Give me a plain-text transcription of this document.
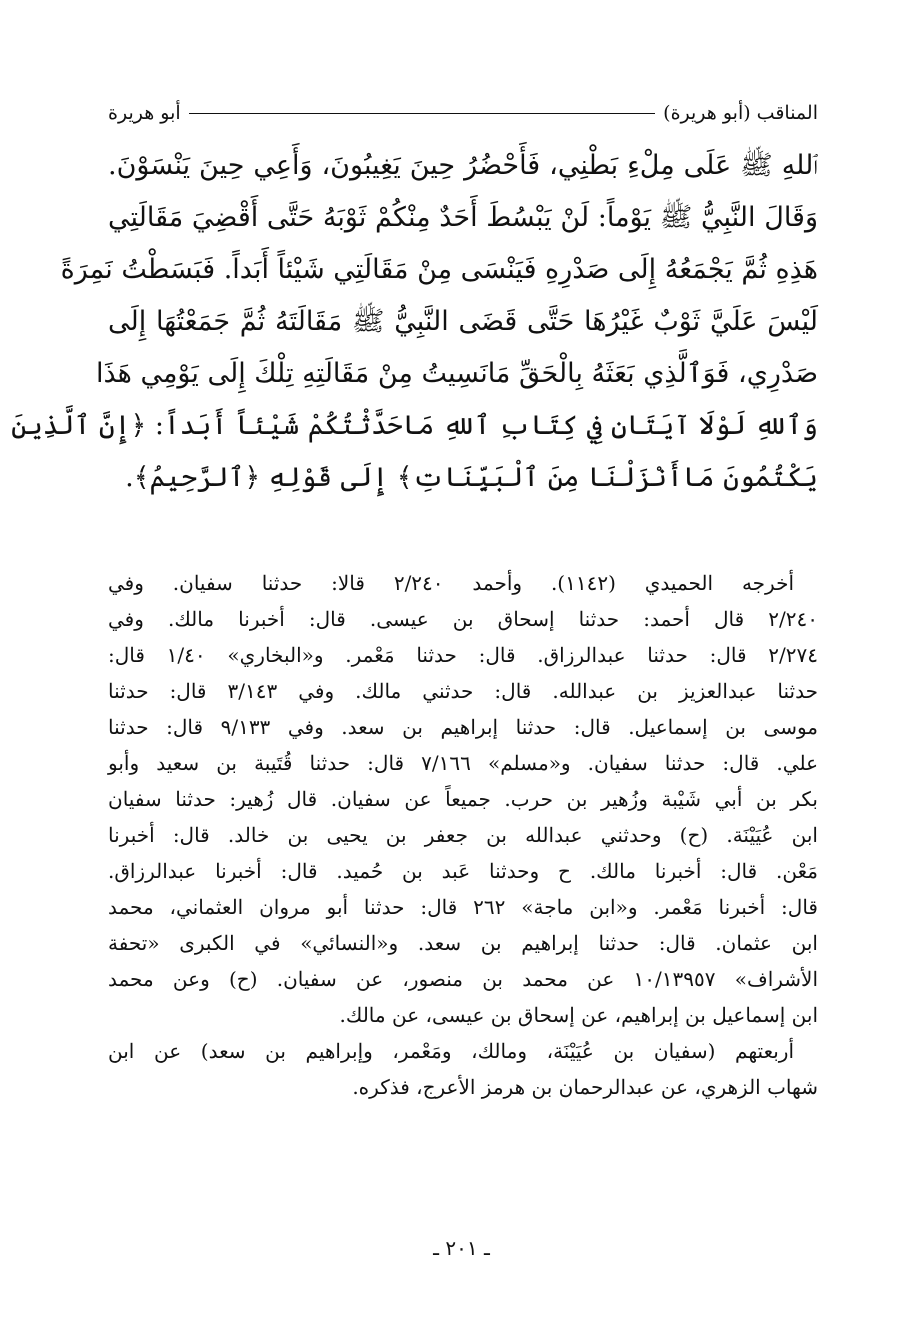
المناقب (أبو هريرة)
أبو هريرة
ٱللهِ ﷺ عَلَى مِلْءِ بَطْنِي، فَأَحْضُرُ حِينَ يَغِيبُونَ، وَأَعِي حِينَ يَنْسَوْنَ.
وَقَالَ النَّبِيُّ ﷺ يَوْماً: لَنْ يَبْسُطَ أَحَدٌ مِنْكُمْ ثَوْبَهُ حَتَّى أَقْضِيَ مَقَالَتِي
هَذِهِ ثُمَّ يَجْمَعُهُ إِلَى صَدْرِهِ فَيَنْسَى مِنْ مَقَالَتِي شَيْئاً أَبَداً. فَبَسَطْتُ نَمِرَةً
لَيْسَ عَلَيَّ ثَوْبٌ غَيْرُهَا حَتَّى قَضَى النَّبِيُّ ﷺ مَقَالَتَهُ ثُمَّ جَمَعْتُهَا إِلَى
صَدْرِي، فَوَٱلَّذِي بَعَثَهُ بِالْحَقِّ مَانَسِيتُ مِنْ مَقَالَتِهِ تِلْكَ إِلَى يَوْمِي هَذَا
وَٱللهِ لَوْلَا آيَتَانِ فِي كِتَابِ ٱللهِ مَاحَدَّثْتُكُمْ شَيْئاً أَبَداً: ﴿إِنَّ ٱلَّذِينَ
يَكْتُمُونَ مَاأَنْزَلْنَا مِنَ ٱلْبَيِّنَاتِ﴾ إِلَى قَوْلِهِ ﴿ٱلرَّحِيمُ﴾.
أخرجه الحميدي (١١٤٢). وأحمد ٢/٢٤٠ قالا: حدثنا سفيان. وفي
٢/٢٤٠ قال أحمد: حدثنا إسحاق بن عيسى. قال: أخبرنا مالك. وفي
٢/٢٧٤ قال: حدثنا عبدالرزاق. قال: حدثنا مَعْمر. و«البخاري» ١/٤٠ قال:
حدثنا عبدالعزيز بن عبدالله. قال: حدثني مالك. وفي ٣/١٤٣ قال: حدثنا
موسى بن إسماعيل. قال: حدثنا إبراهيم بن سعد. وفي ٩/١٣٣ قال: حدثنا
علي. قال: حدثنا سفيان. و«مسلم» ٧/١٦٦ قال: حدثنا قُتَيبة بن سعيد وأبو
بكر بن أبي شَيْبة وزُهير بن حرب. جميعاً عن سفيان. قال زُهير: حدثنا سفيان
ابن عُيَيْنَة. (ح) وحدثني عبدالله بن جعفر بن يحيى بن خالد. قال: أخبرنا
مَعْن. قال: أخبرنا مالك. ح وحدثنا عَبد بن حُميد. قال: أخبرنا عبدالرزاق.
قال: أخبرنا مَعْمر. و«ابن ماجة» ٢٦٢ قال: حدثنا أبو مروان العثماني، محمد
ابن عثمان. قال: حدثنا إبراهيم بن سعد. و«النسائي» في الكبرى «تحفة
الأشراف» ١٠/١٣٩٥٧ عن محمد بن منصور، عن سفيان. (ح) وعن محمد
ابن إسماعيل بن إبراهيم، عن إسحاق بن عيسى، عن مالك.
أربعتهم (سفيان بن عُيَيْنَة، ومالك، ومَعْمر، وإبراهيم بن سعد) عن ابن
شهاب الزهري، عن عبدالرحمان بن هرمز الأعرج، فذكره.
ـ ٢٠١ ـ
